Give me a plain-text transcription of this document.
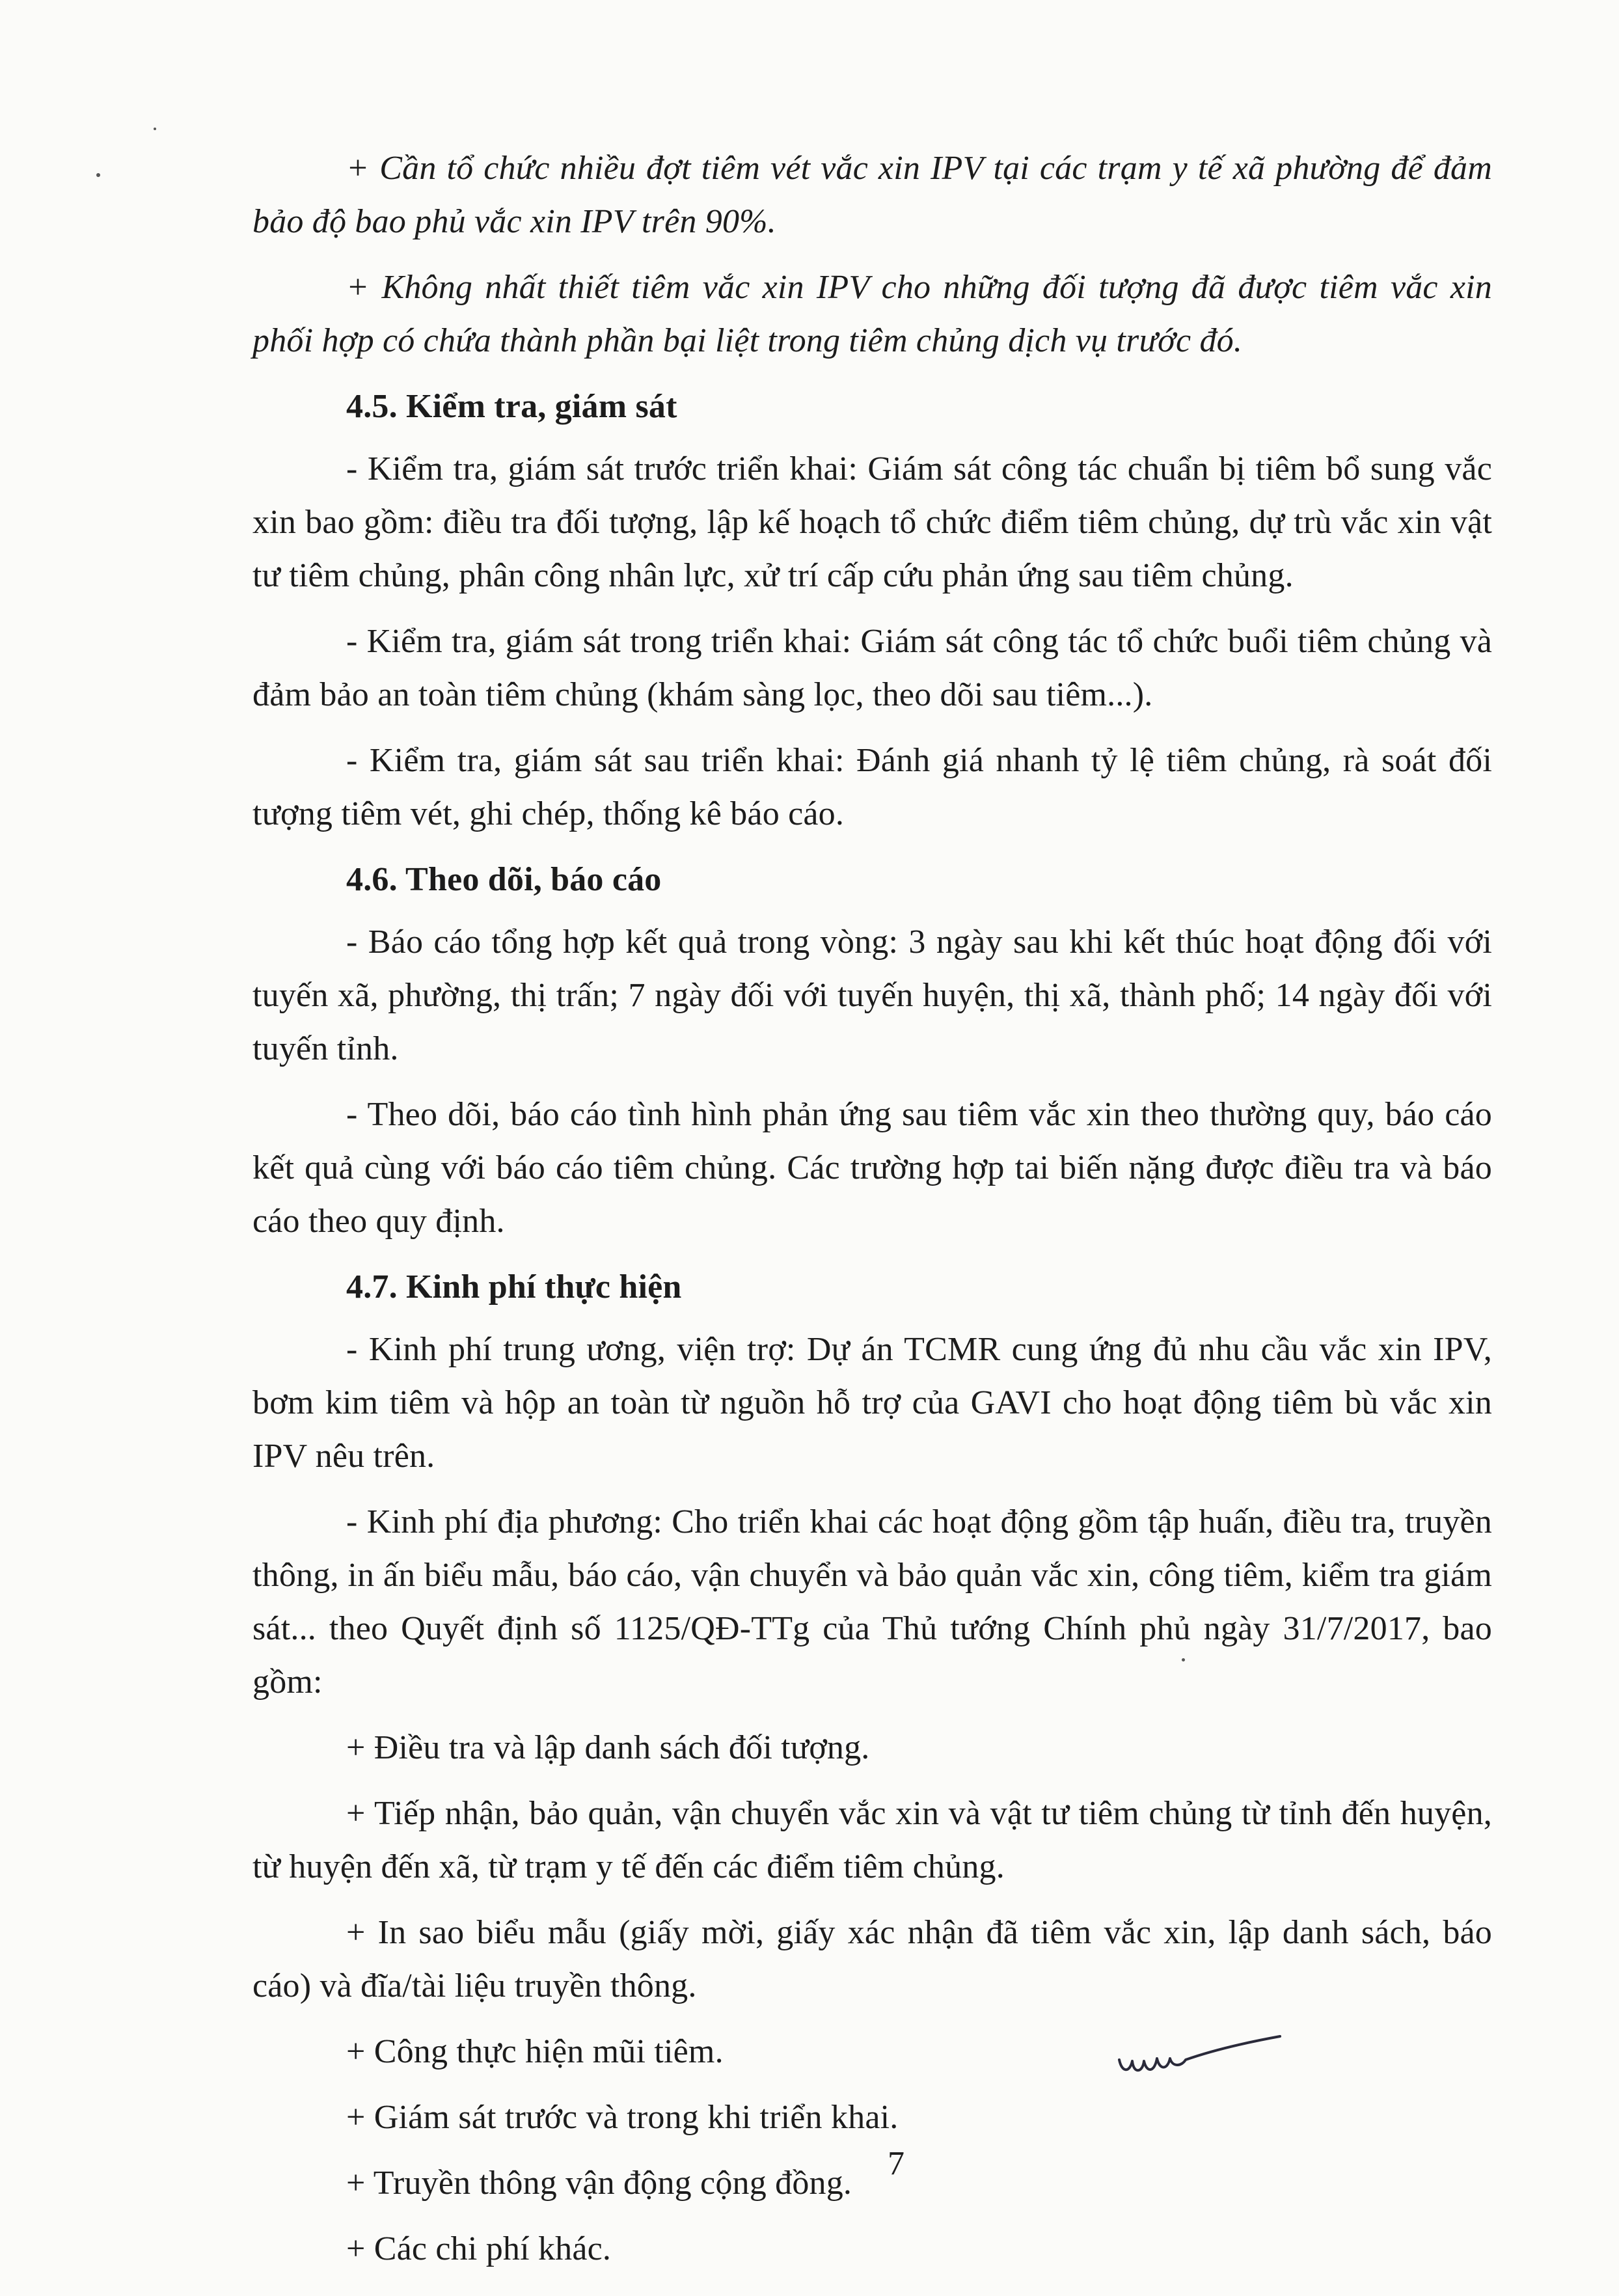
+ Cần tổ chức nhiều đợt tiêm vét vắc xin IPV tại các trạm y tế xã phường để đảm bảo độ bao phủ vắc xin IPV trên 90%.

+ Không nhất thiết tiêm vắc xin IPV cho những đối tượng đã được tiêm vắc xin phối hợp có chứa thành phần bại liệt trong tiêm chủng dịch vụ trước đó.

4.5. Kiểm tra, giám sát

- Kiểm tra, giám sát trước triển khai: Giám sát công tác chuẩn bị tiêm bổ sung vắc xin bao gồm: điều tra đối tượng, lập kế hoạch tổ chức điểm tiêm chủng, dự trù vắc xin vật tư tiêm chủng, phân công nhân lực, xử trí cấp cứu phản ứng sau tiêm chủng.

- Kiểm tra, giám sát trong triển khai: Giám sát công tác tổ chức buổi tiêm chủng và đảm bảo an toàn tiêm chủng (khám sàng lọc, theo dõi sau tiêm...).

- Kiểm tra, giám sát sau triển khai: Đánh giá nhanh tỷ lệ tiêm chủng, rà soát đối tượng tiêm vét, ghi chép, thống kê báo cáo.

4.6. Theo dõi, báo cáo

- Báo cáo tổng hợp kết quả trong vòng: 3 ngày sau khi kết thúc hoạt động đối với tuyến xã, phường, thị trấn; 7 ngày đối với tuyến huyện, thị xã, thành phố; 14 ngày đối với tuyến tỉnh.

- Theo dõi, báo cáo tình hình phản ứng sau tiêm vắc xin theo thường quy, báo cáo kết quả cùng với báo cáo tiêm chủng. Các trường hợp tai biến nặng được điều tra và báo cáo theo quy định.

4.7. Kinh phí thực hiện

- Kinh phí trung ương, viện trợ: Dự án TCMR cung ứng đủ nhu cầu vắc xin IPV, bơm kim tiêm và hộp an toàn từ nguồn hỗ trợ của GAVI cho hoạt động tiêm bù vắc xin IPV nêu trên.

- Kinh phí địa phương: Cho triển khai các hoạt động gồm tập huấn, điều tra, truyền thông, in ấn biểu mẫu, báo cáo, vận chuyển và bảo quản vắc xin, công tiêm, kiểm tra giám sát... theo Quyết định số 1125/QĐ-TTg của Thủ tướng Chính phủ ngày 31/7/2017, bao gồm:

+ Điều tra và lập danh sách đối tượng.

+ Tiếp nhận, bảo quản, vận chuyển vắc xin và vật tư tiêm chủng từ tỉnh đến huyện, từ huyện đến xã, từ trạm y tế đến các điểm tiêm chủng.

+ In sao biểu mẫu (giấy mời, giấy xác nhận đã tiêm vắc xin, lập danh sách, báo cáo) và đĩa/tài liệu truyền thông.

+ Công thực hiện mũi tiêm.

+ Giám sát trước và trong khi triển khai.

+ Truyền thông vận động cộng đồng.

+ Các chi phí khác.

7
